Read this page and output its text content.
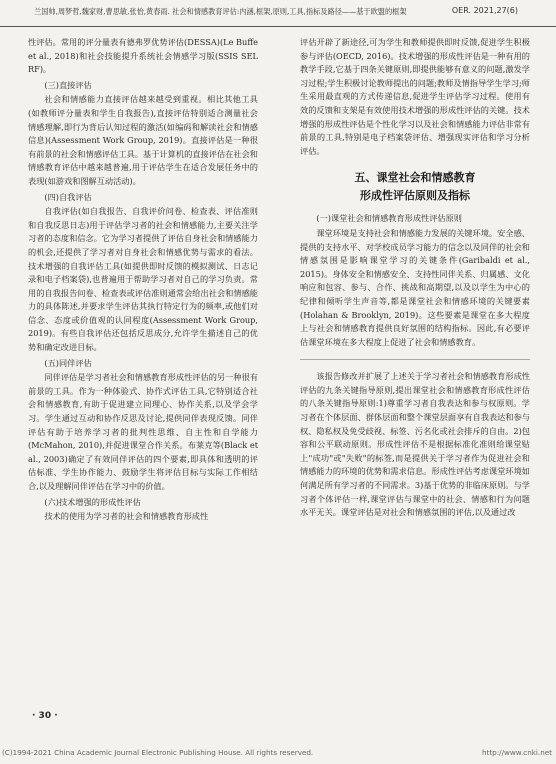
兰国帅,周梦哲,魏家财,曹思敏,张怡,黄春雨. 社会和情感教育评估:内涵,框架,原则,工具,指标及路径——基于欧盟的框架	OER. 2021,27(6)

性评估。常用的评分量表有德弗罗优势评估(DESSA)(Le Buffe et al., 2018)和社会技能提升系统社会情感学习版(SSIS SEL RF)。

(三)直接评估

社会和情感能力直接评估越来越受到重视。相比其他工具(如教师评分量表和学生自我报告),直接评估特别适合测量社会情感理解,即行为背后认知过程的激活(如编码和解读社会和情感信息)(Assessment Work Group, 2019)。直接评估是一种很有前景的社会和情感评估工具。基于计算机的直接评估在社会和情感教育评估中越来越普遍,用于评估学生在适合发展任务中的表现(如游戏和图解互动活动)。

(四)自我评估

自我评估(如自我报告、自我评价问卷、检查表、评估准则和自我反思日志)用于评估学习者的社会和情感能力,主要关注学习者的态度和信念。它为学习者提供了评估自身社会和情感能力的机会,还提供了学习者对自身社会和情感优势与需求的看法。技术增强的自我评估工具(如提供即时反馈的模拟测试、日志记录和电子档案袋),也普遍用于帮助学习者对自己的学习负责。常用的自我报告问卷、检查表或评估准则通常会给出社会和情感能力的具体陈述,并要求学生评估其执行特定行为的频率,或他们对信念、态度或价值观的认同程度(Assessment Work Group, 2019)。有些自我评估还包括反思成分,允许学生描述自己的优势和确定改进目标。

(五)同伴评估

同伴评估是学习者社会和情感教育形成性评估的另一种很有前景的工具。作为一种体验式、协作式评估工具,它特别适合社会和情感教育,有助于促进建立同理心、协作关系,以及学会学习。学生通过互动和协作反思及讨论,提供同伴表现反馈。同伴评估有助于培养学习者的批判性思维、自主性和自学能力(McMahon, 2010),并促进课堂合作关系。布莱克等(Black et al., 2003)确定了有效同伴评估的四个要素,即具体和透明的评估标准、学生协作能力、鼓励学生将评估目标与实际工作相结合,以及理解同伴评估在学习中的价值。

(六)技术增强的形成性评估

技术的使用为学习者的社会和情感教育形成性

评估开辟了新途径,可为学生和教师提供即时反馈,促进学生积极参与评估(OECD, 2016)。技术增强的形成性评估是一种有用的教学手段,它基于四条关键原则,即提供能够有意义的问题,激发学习过程;学生积极讨论教师提出的问题;教师及情指导学生学习;师生采用最直观的方式传递信息,促进学生评估学习过程。使用有效的反馈和支架是有效使用技术增强的形成性评估的关键。技术增强的形成性评估是个性化学习以及社会和情感能力评估非常有前景的工具,特别是电子档案袋评估、增强现实评估和学习分析评估。

五、课堂社会和情感教育

形成性评估原则及指标

(一)课堂社会和情感教育形成性评估原则

课堂环境是支持社会和情感能力发展的关键环境。安全感、提供的支持水平、对学校成员学习能力的信念以及同伴的社会和情感氛围是影响课堂学习的关键条件(Garibaldi et al., 2015)。身体安全和情感安全、支持性同伴关系、归属感、文化响应和包容、参与、合作、挑战和高期望,以及以学生为中心的纪律和倾听学生声音等,都是课堂社会和情感环境的关键要素(Holahan & Brooklyn, 2019)。这些要素是课堂在多大程度上与社会和情感教育提供良好氛围的结构指标。因此,有必要评估课堂环境在多大程度上促进了社会和情感教育。

该报告修改并扩展了上述关于学习者社会和情感教育形成性评估的九条关键指导原则,提出课堂社会和情感教育形成性评估的八条关键指导原则:1)尊重学习者自我表达和参与权原则。学习者在个体层面、群体层面和整个课堂层面享有自我表达和参与权、隐私权及免受歧视、标签、污名化或社会排斥的自由。2)包容和公平联动原则。形成性评估不是根据标准化准则给课堂贴上"成功"或"失败"的标签,而是提供关于学习者作为促进社会和情感能力的环境的优势和需求信息。形成性评估考虑课堂环境如何满足所有学习者的不同需求。3)基于优势的非临床原则。与学习者个体评估一样,课堂评估与课堂中的社会、情感和行为问题水平无关。课堂评估是对社会和情感氛围的评估,以及通过改

· 30 ·
(C)1994-2021 China Academic Journal Electronic Publishing House. All rights reserved.	http://www.cnki.net
